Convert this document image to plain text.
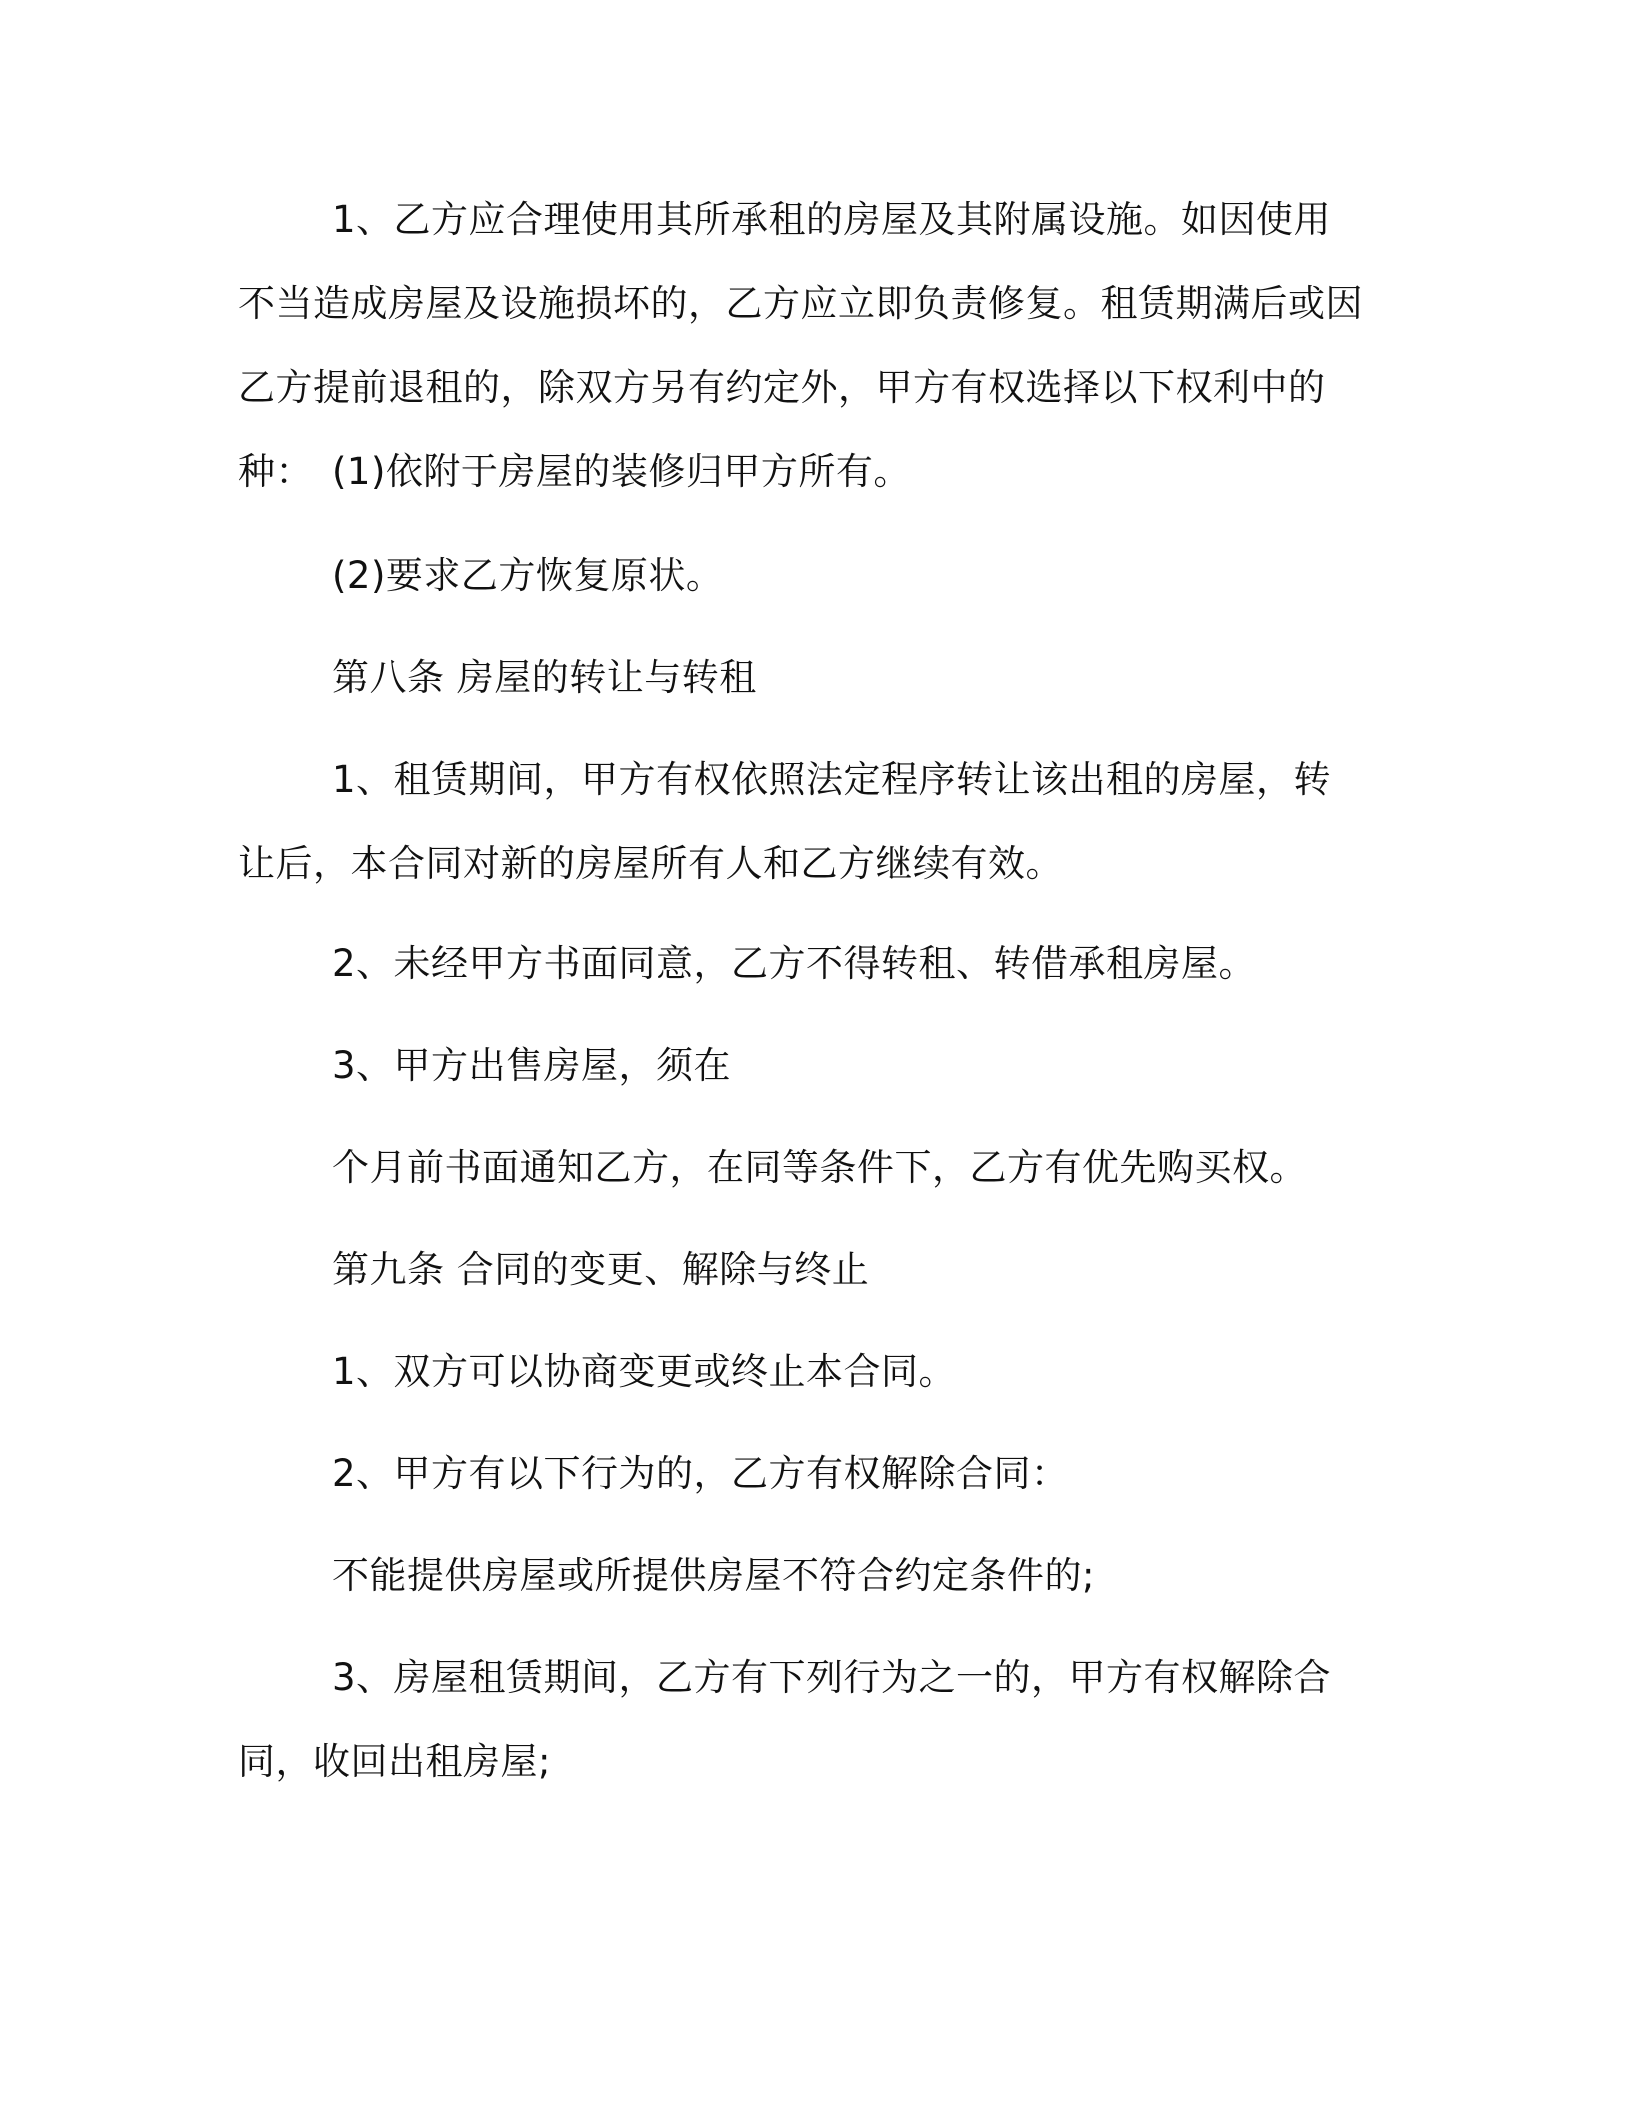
1、乙方应合理使用其所承租的房屋及其附属设施。如因使用不当造成房屋及设施损坏的，乙方应立即负责修复。租赁期满后或因乙方提前退租的，除双方另有约定外，甲方有权选择以下权利中的 种： (1)依附于房屋的装修归甲方所有。

(2)要求乙方恢复原状。

第八条 房屋的转让与转租

1、租赁期间，甲方有权依照法定程序转让该出租的房屋，转让后，本合同对新的房屋所有人和乙方继续有效。

2、未经甲方书面同意，乙方不得转租、转借承租房屋。

3、甲方出售房屋，须在

个月前书面通知乙方，在同等条件下，乙方有优先购买权。

第九条 合同的变更、解除与终止

1、双方可以协商变更或终止本合同。

2、甲方有以下行为的，乙方有权解除合同：

不能提供房屋或所提供房屋不符合约定条件的;

3、房屋租赁期间，乙方有下列行为之一的，甲方有权解除合同，收回出租房屋;
